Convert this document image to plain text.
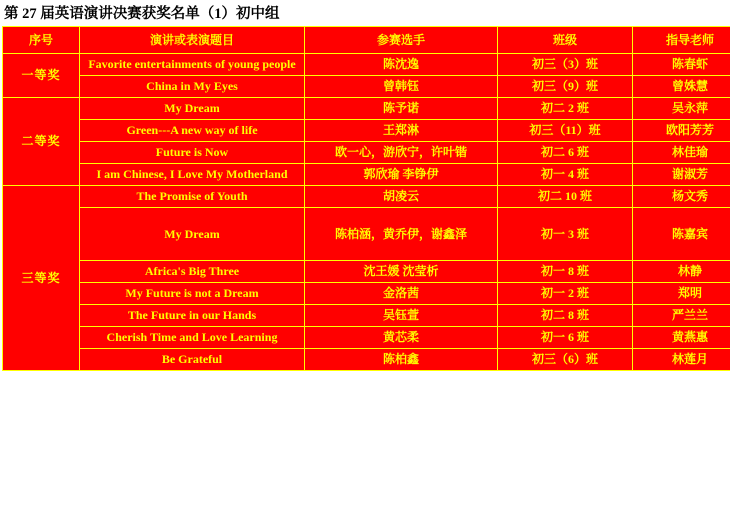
第 27 届英语演讲决赛获奖名单（1）初中组
序号	演讲或表演题目	参赛选手	班级	指导老师
一等奖	Favorite entertainments of young people	陈沈逸	初三（3）班	陈春虾
	China in My Eyes	曾韩钰	初三（9）班	曾姝慧
二等奖	My Dream	陈予诺	初二 2 班	吴永萍
	Green---A new way of life	王郑淋	初三（11）班	欧阳芳芳
	Future is Now	欧一心，游欣宁，许叶锴	初二 6 班	林佳瑜
	I am Chinese, I Love My Motherland	郭欣瑜 李铮伊	初一 4 班	谢淑芳
三等奖	The Promise of Youth	胡凌云	初二 10 班	杨文秀
	My Dream	陈柏涵，黄乔伊，谢鑫泽	初一 3 班	陈嘉宾
	Africa's Big Three	沈王媛 沈莹析	初一 8 班	林静
	My Future is not a Dream	金洛茜	初一 2 班	郑明
	The Future in our Hands	吴钰萱	初二 8 班	严兰兰
	Cherish Time and Love Learning	黄芯柔	初一 6 班	黄燕惠
	Be Grateful	陈柏鑫	初三（6）班	林莲月
